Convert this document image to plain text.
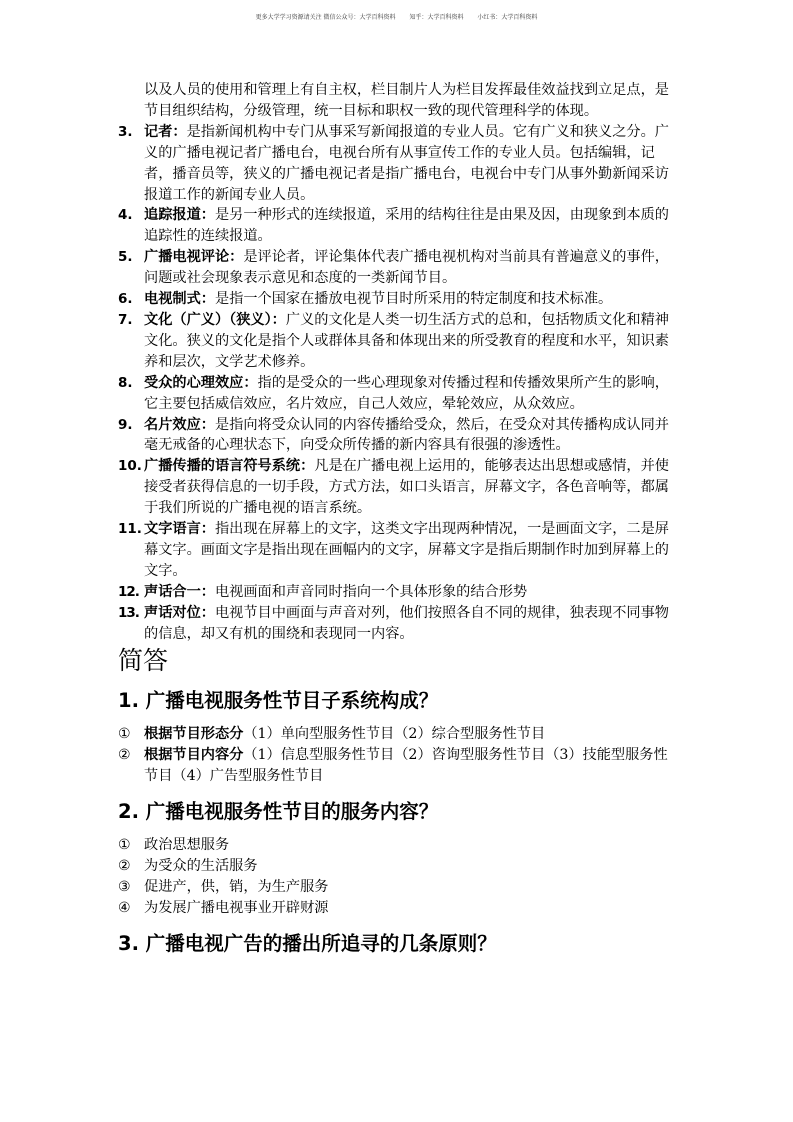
更多大学学习资源请关注 微信公众号：大学百科资料 知乎：大学百科资料 小红书：大学百科资料
以及人员的使用和管理上有自主权，栏目制片人为栏目发挥最佳效益找到立足点，是节目组织结构，分级管理，统一目标和职权一致的现代管理科学的体现。
3. 记者：是指新闻机构中专门从事采写新闻报道的专业人员。它有广义和狭义之分。广义的广播电视记者广播电台，电视台所有从事宣传工作的专业人员。包括编辑，记者，播音员等，狭义的广播电视记者是指广播电台，电视台中专门从事外勤新闻采访报道工作的新闻专业人员。
4. 追踪报道：是另一种形式的连续报道，采用的结构往往是由果及因，由现象到本质的追踪性的连续报道。
5. 广播电视评论：是评论者，评论集体代表广播电视机构对当前具有普遍意义的事件，问题或社会现象表示意见和态度的一类新闻节目。
6. 电视制式：是指一个国家在播放电视节目时所采用的特定制度和技术标准。
7. 文化（广义）（狭义）：广义的文化是人类一切生活方式的总和，包括物质文化和精神文化。狭义的文化是指个人或群体具备和体现出来的所受教育的程度和水平，知识素养和层次，文学艺术修养。
8. 受众的心理效应：指的是受众的一些心理现象对传播过程和传播效果所产生的影响，它主要包括威信效应，名片效应，自己人效应，晕轮效应，从众效应。
9. 名片效应：是指向将受众认同的内容传播给受众，然后，在受众对其传播构成认同并毫无戒备的心理状态下，向受众所传播的新内容具有很强的渗透性。
10. 广播传播的语言符号系统：凡是在广播电视上运用的，能够表达出思想或感情，并使接受者获得信息的一切手段，方式方法，如口头语言，屏幕文字，各色音响等，都属于我们所说的广播电视的语言系统。
11. 文字语言：指出现在屏幕上的文字，这类文字出现两种情况，一是画面文字，二是屏幕文字。画面文字是指出现在画幅内的文字，屏幕文字是指后期制作时加到屏幕上的文字。
12. 声话合一：电视画面和声音同时指向一个具体形象的结合形势
13. 声话对位：电视节目中画面与声音对列，他们按照各自不同的规律，独表现不同事物的信息，却又有机的围绕和表现同一内容。
简答
1. 广播电视服务性节目子系统构成？
① 根据节目形态分（1）单向型服务性节目（2）综合型服务性节目
② 根据节目内容分（1）信息型服务性节目（2）咨询型服务性节目（3）技能型服务性节目（4）广告型服务性节目
2. 广播电视服务性节目的服务内容？
① 政治思想服务
② 为受众的生活服务
③ 促进产，供，销，为生产服务
④ 为发展广播电视事业开辟财源
3. 广播电视广告的播出所追寻的几条原则？
